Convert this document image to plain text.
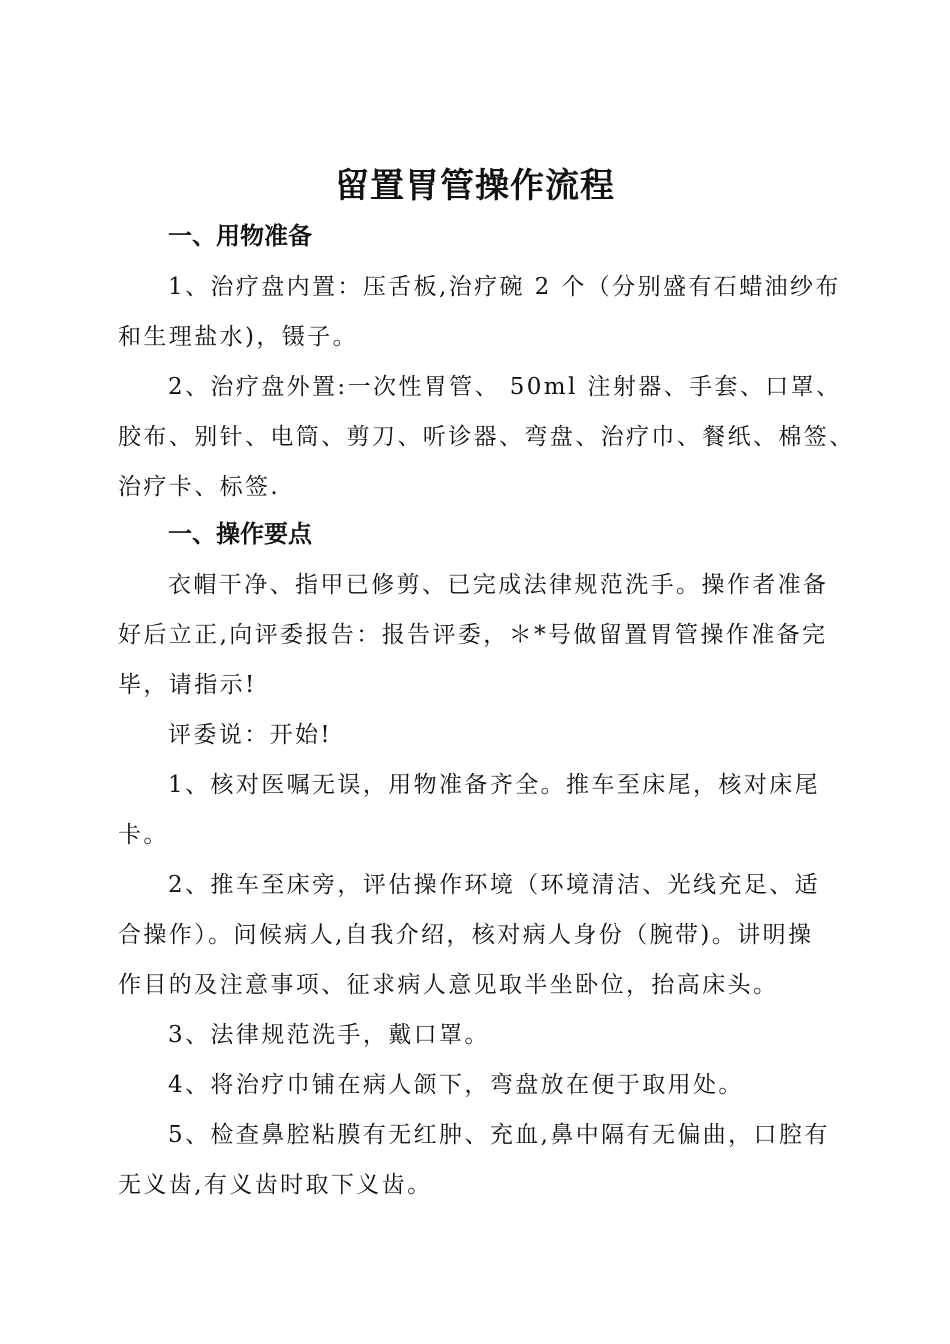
留置胃管操作流程
一、用物准备
1、治疗盘内置：压舌板,治疗碗 2 个（分别盛有石蜡油纱布
和生理盐水)，镊子。
2、治疗盘外置:一次性胃管、 50ml 注射器、手套、口罩、
胶布、别针、电筒、剪刀、听诊器、弯盘、治疗巾、餐纸、棉签、
治疗卡、标签.
一、操作要点
衣帽干净、指甲已修剪、已完成法律规范洗手。操作者准备
好后立正,向评委报告：报告评委，＊*号做留置胃管操作准备完
毕，请指示!
评委说：开始!
1、核对医嘱无误，用物准备齐全。推车至床尾，核对床尾
卡。
2、推车至床旁，评估操作环境（环境清洁、光线充足、适
合操作）。问候病人,自我介绍，核对病人身份（腕带)。讲明操
作目的及注意事项、征求病人意见取半坐卧位，抬高床头。
3、法律规范洗手，戴口罩。
4、将治疗巾铺在病人颌下，弯盘放在便于取用处。
5、检查鼻腔粘膜有无红肿、充血,鼻中隔有无偏曲，口腔有
无义齿,有义齿时取下义齿。
